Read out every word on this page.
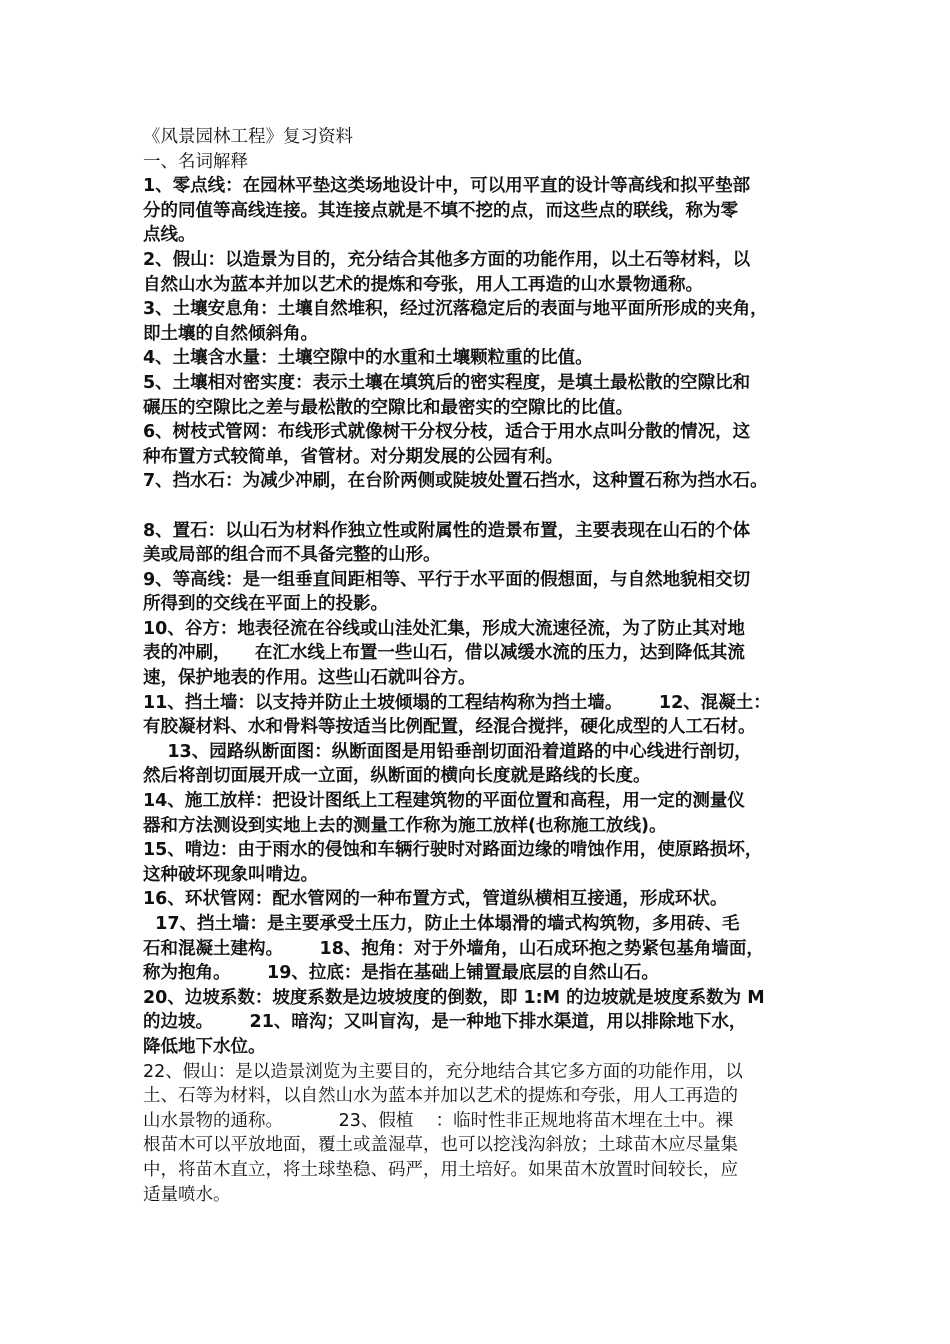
《风景园林工程》复习资料
一、名词解释
1、零点线：在园林平垫这类场地设计中，可以用平直的设计等高线和拟平垫部
分的同值等高线连接。其连接点就是不填不挖的点，而这些点的联线，称为零
点线。
2、假山：以造景为目的，充分结合其他多方面的功能作用，以土石等材料，以
自然山水为蓝本并加以艺术的提炼和夸张，用人工再造的山水景物通称。
3、土壤安息角：土壤自然堆积，经过沉落稳定后的表面与地平面所形成的夹角，
即土壤的自然倾斜角。
4、土壤含水量：土壤空隙中的水重和土壤颗粒重的比值。
5、土壤相对密实度：表示土壤在填筑后的密实程度，是填土最松散的空隙比和
碾压的空隙比之差与最松散的空隙比和最密实的空隙比的比值。
6、树枝式管网：布线形式就像树干分杈分枝，适合于用水点叫分散的情况，这
种布置方式较简单，省管材。对分期发展的公园有利。
7、挡水石：为减少冲刷，在台阶两侧或陡坡处置石挡水，这种置石称为挡水石。
8、置石：以山石为材料作独立性或附属性的造景布置，主要表现在山石的个体
美或局部的组合而不具备完整的山形。
9、等高线：是一组垂直间距相等、平行于水平面的假想面，与自然地貌相交切
所得到的交线在平面上的投影。
10、谷方：地表径流在谷线或山洼处汇集，形成大流速径流，为了防止其对地
表的冲刷，    在汇水线上布置一些山石，借以减缓水流的压力，达到降低其流
速，保护地表的作用。这些山石就叫谷方。
11、挡土墙：以支持并防止土坡倾塌的工程结构称为挡土墙。      12、混凝土：
有胶凝材料、水和骨料等按适当比例配置，经混合搅拌，硬化成型的人工石材。
13、园路纵断面图：纵断面图是用铅垂剖切面沿着道路的中心线进行剖切，
然后将剖切面展开成一立面，纵断面的横向长度就是路线的长度。
14、施工放样：把设计图纸上工程建筑物的平面位置和高程，用一定的测量仪
器和方法测设到实地上去的测量工作称为施工放样(也称施工放线)。
15、啃边：由于雨水的侵蚀和车辆行驶时对路面边缘的啃蚀作用，使原路损坏，
这种破坏现象叫啃边。
16、环状管网：配水管网的一种布置方式，管道纵横相互接通，形成环状。
17、挡土墙：是主要承受土压力，防止土体塌滑的墙式构筑物，多用砖、毛
石和混凝土建构。      18、抱角：对于外墙角，山石成环抱之势紧包基角墙面，
称为抱角。      19、拉底：是指在基础上铺置最底层的自然山石。
20、边坡系数：坡度系数是边坡坡度的倒数，即 1:M 的边坡就是坡度系数为 M
的边坡。      21、暗沟；又叫盲沟，是一种地下排水渠道，用以排除地下水，
降低地下水位。
22、假山：是以造景浏览为主要目的，充分地结合其它多方面的功能作用，以
土、石等为材料，以自然山水为蓝本并加以艺术的提炼和夸张，用人工再造的
山水景物的通称。          23、假植    ：临时性非正规地将苗木埋在土中。裸
根苗木可以平放地面，覆土或盖湿草，也可以挖浅沟斜放；土球苗木应尽量集
中，将苗木直立，将土球垫稳、码严，用土培好。如果苗木放置时间较长，应
适量喷水。
